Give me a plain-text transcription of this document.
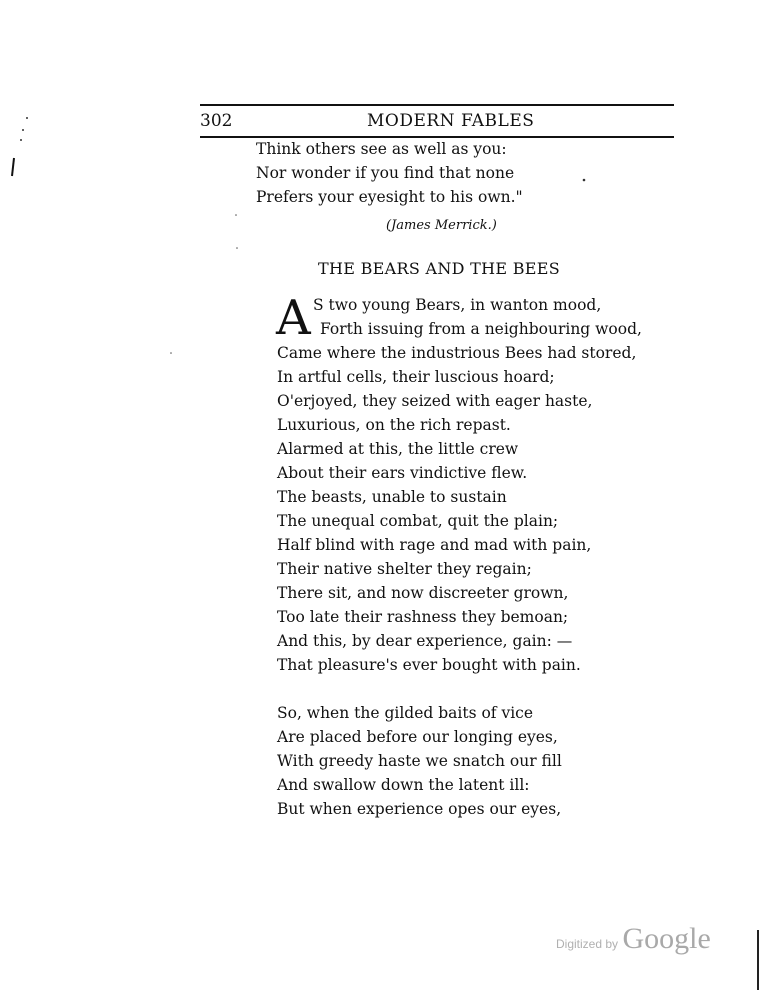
302	MODERN FABLES
Think others see as well as you:
Nor wonder if you find that none
Prefers your eyesight to his own."
(James Merrick.)
THE BEARS AND THE BEES
A S two young Bears, in wanton mood,
Forth issuing from a neighbouring wood,
Came where the industrious Bees had stored,
In artful cells, their luscious hoard;
O'erjoyed, they seized with eager haste,
Luxurious, on the rich repast.
Alarmed at this, the little crew
About their ears vindictive flew.
The beasts, unable to sustain
The unequal combat, quit the plain;
Half blind with rage and mad with pain,
Their native shelter they regain;
There sit, and now discreeter grown,
Too late their rashness they bemoan;
And this, by dear experience, gain: —
That pleasure's ever bought with pain.
So, when the gilded baits of vice
Are placed before our longing eyes,
With greedy haste we snatch our fill
And swallow down the latent ill:
But when experience opes our eyes,
Digitized by Google
